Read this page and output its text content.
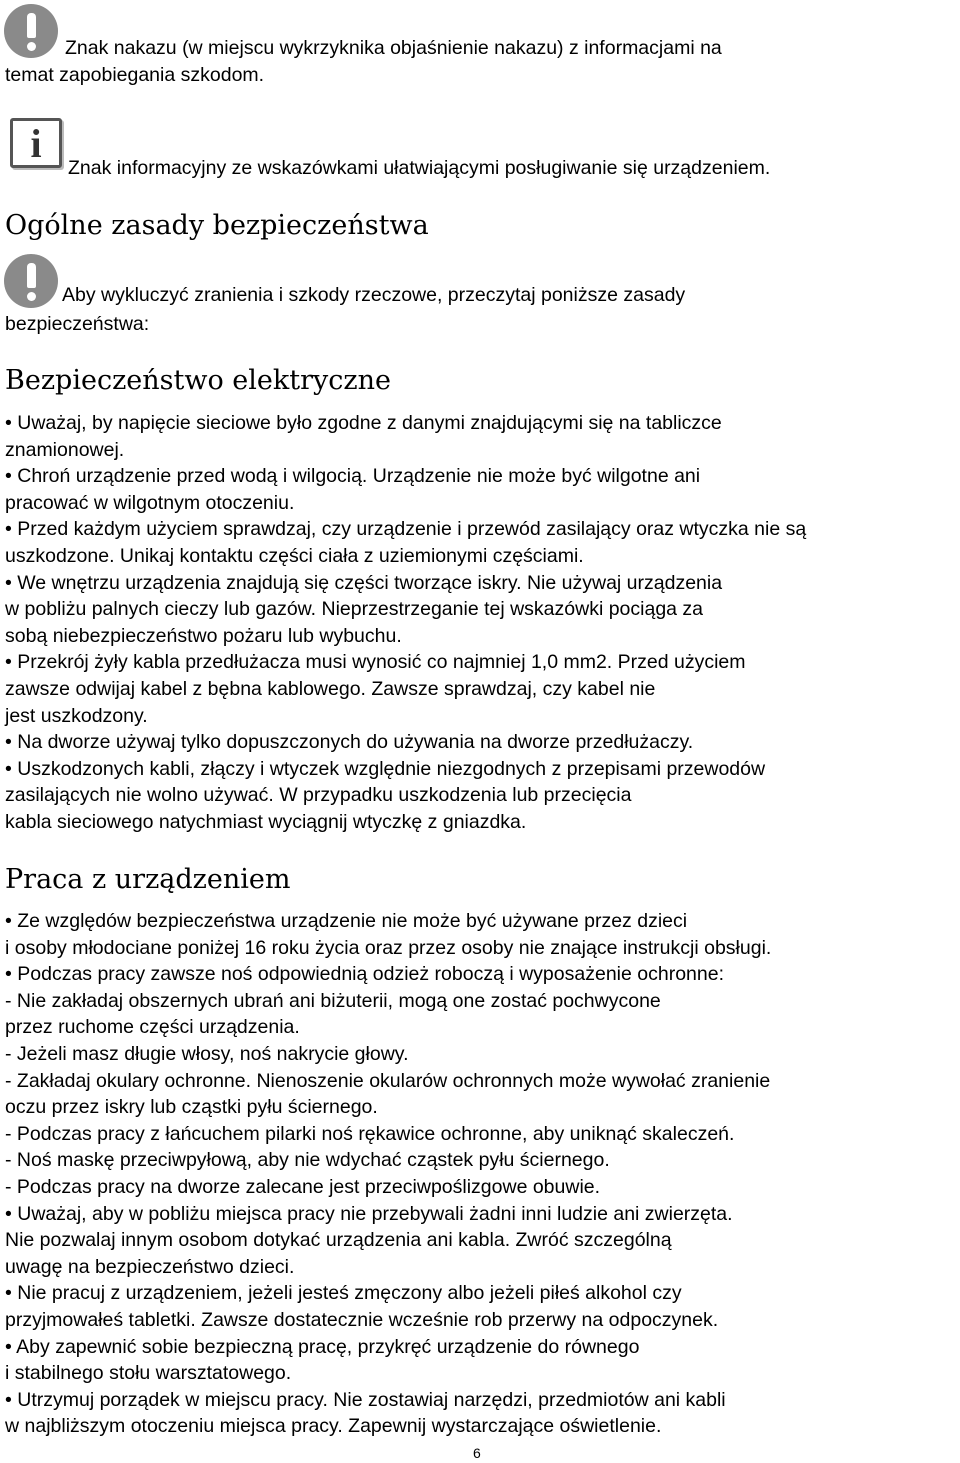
Znak nakazu (w miejscu wykrzyknika objaśnienie nakazu) z informacjami na
temat zapobiegania szkodom.
i
Znak informacyjny ze wskazówkami ułatwiającymi posługiwanie się urządzeniem.
Ogólne zasady bezpieczeństwa
Aby wykluczyć zranienia i szkody rzeczowe, przeczytaj poniższe zasady
bezpieczeństwa:
Bezpieczeństwo elektryczne
• Uważaj, by napięcie sieciowe było zgodne z danymi znajdującymi się na tabliczce
znamionowej.
• Chroń urządzenie przed wodą i wilgocią. Urządzenie nie może być wilgotne ani
pracować w wilgotnym otoczeniu.
• Przed każdym użyciem sprawdzaj, czy urządzenie i przewód zasilający oraz wtyczka nie są
uszkodzone. Unikaj kontaktu części ciała z uziemionymi częściami.
• We wnętrzu urządzenia znajdują się części tworzące iskry. Nie używaj urządzenia
w pobliżu palnych cieczy lub gazów. Nieprzestrzeganie tej wskazówki pociąga za
sobą niebezpieczeństwo pożaru lub wybuchu.
• Przekrój żyły kabla przedłużacza musi wynosić co najmniej 1,0 mm2. Przed użyciem
zawsze odwijaj kabel z bębna kablowego. Zawsze sprawdzaj, czy kabel nie
jest uszkodzony.
• Na dworze używaj tylko dopuszczonych do używania na dworze przedłużaczy.
• Uszkodzonych kabli, złączy i wtyczek względnie niezgodnych z przepisami przewodów
zasilających nie wolno używać. W przypadku uszkodzenia lub przecięcia
kabla sieciowego natychmiast wyciągnij wtyczkę z gniazdka.
Praca z urządzeniem
• Ze względów bezpieczeństwa urządzenie nie może być używane przez dzieci
i osoby młodociane poniżej 16 roku życia oraz przez osoby nie znające instrukcji obsługi.
• Podczas pracy zawsze noś odpowiednią odzież roboczą i wyposażenie ochronne:
- Nie zakładaj obszernych ubrań ani biżuterii, mogą one zostać pochwycone
przez ruchome części urządzenia.
- Jeżeli masz długie włosy, noś nakrycie głowy.
- Zakładaj okulary ochronne. Nienoszenie okularów ochronnych może wywołać zranienie
oczu przez iskry lub cząstki pyłu ściernego.
- Podczas pracy z łańcuchem pilarki noś rękawice ochronne, aby uniknąć skaleczeń.
- Noś maskę przeciwpyłową, aby nie wdychać cząstek pyłu ściernego.
- Podczas pracy na dworze zalecane jest przeciwpoślizgowe obuwie.
• Uważaj, aby w pobliżu miejsca pracy nie przebywali żadni inni ludzie ani zwierzęta.
Nie pozwalaj innym osobom dotykać urządzenia ani kabla. Zwróć szczególną
uwagę na bezpieczeństwo dzieci.
• Nie pracuj z urządzeniem, jeżeli jesteś zmęczony albo jeżeli piłeś alkohol czy
przyjmowałeś tabletki. Zawsze dostatecznie wcześnie rob przerwy na odpoczynek.
• Aby zapewnić sobie bezpieczną pracę, przykręć urządzenie do równego
i stabilnego stołu warsztatowego.
• Utrzymuj porządek w miejscu pracy. Nie zostawiaj narzędzi, przedmiotów ani kabli
w najbliższym otoczeniu miejsca pracy. Zapewnij wystarczające oświetlenie.
6
